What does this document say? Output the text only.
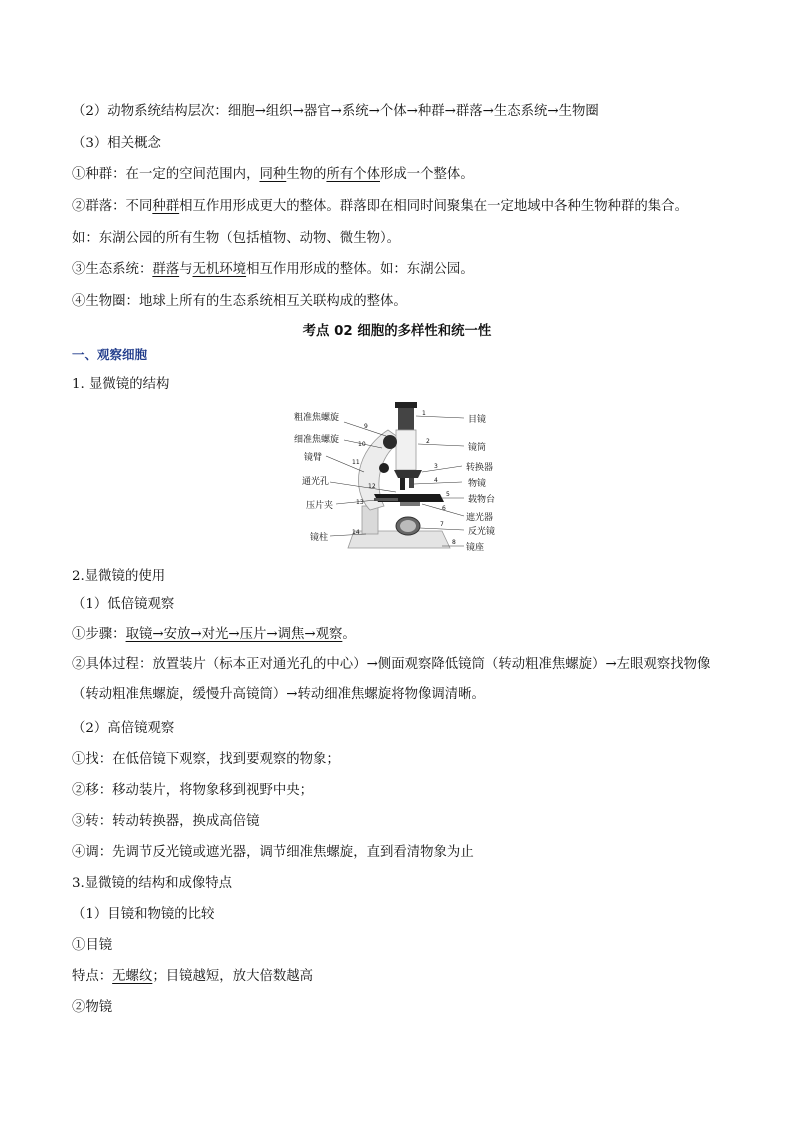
（2）动物系统结构层次：细胞→组织→器官→系统→个体→种群→群落→生态系统→生物圈
（3）相关概念
①种群：在一定的空间范围内，同种生物的所有个体形成一个整体。
②群落：不同种群相互作用形成更大的整体。群落即在相同时间聚集在一定地域中各种生物种群的集合。
如：东湖公园的所有生物（包括植物、动物、微生物）。
③生态系统：群落与无机环境相互作用形成的整体。如：东湖公园。
④生物圈：地球上所有的生态系统相互关联构成的整体。
考点 02 细胞的多样性和统一性
一、观察细胞
1. 显微镜的结构
粗准焦螺旋
细准焦螺旋
镜臂
通光孔
压片夹
镜柱
目镜
镜筒
转换器
物镜
载物台
遮光器
反光镜
镜座
1
2
3
4
5
6
7
8
9
10
11
12
13
14
2.显微镜的使用
（1）低倍镜观察
①步骤：取镜→安放→对光→压片→调焦→观察。
②具体过程：放置装片（标本正对通光孔的中心）→侧面观察降低镜筒（转动粗准焦螺旋）→左眼观察找物像（转动粗准焦螺旋，缓慢升高镜筒）→转动细准焦螺旋将物像调清晰。
（2）高倍镜观察
①找：在低倍镜下观察，找到要观察的物象；
②移：移动装片，将物象移到视野中央；
③转：转动转换器，换成高倍镜
④调：先调节反光镜或遮光器，调节细准焦螺旋，直到看清物象为止
3.显微镜的结构和成像特点
（1）目镜和物镜的比较
①目镜
特点：无螺纹；目镜越短，放大倍数越高
②物镜
